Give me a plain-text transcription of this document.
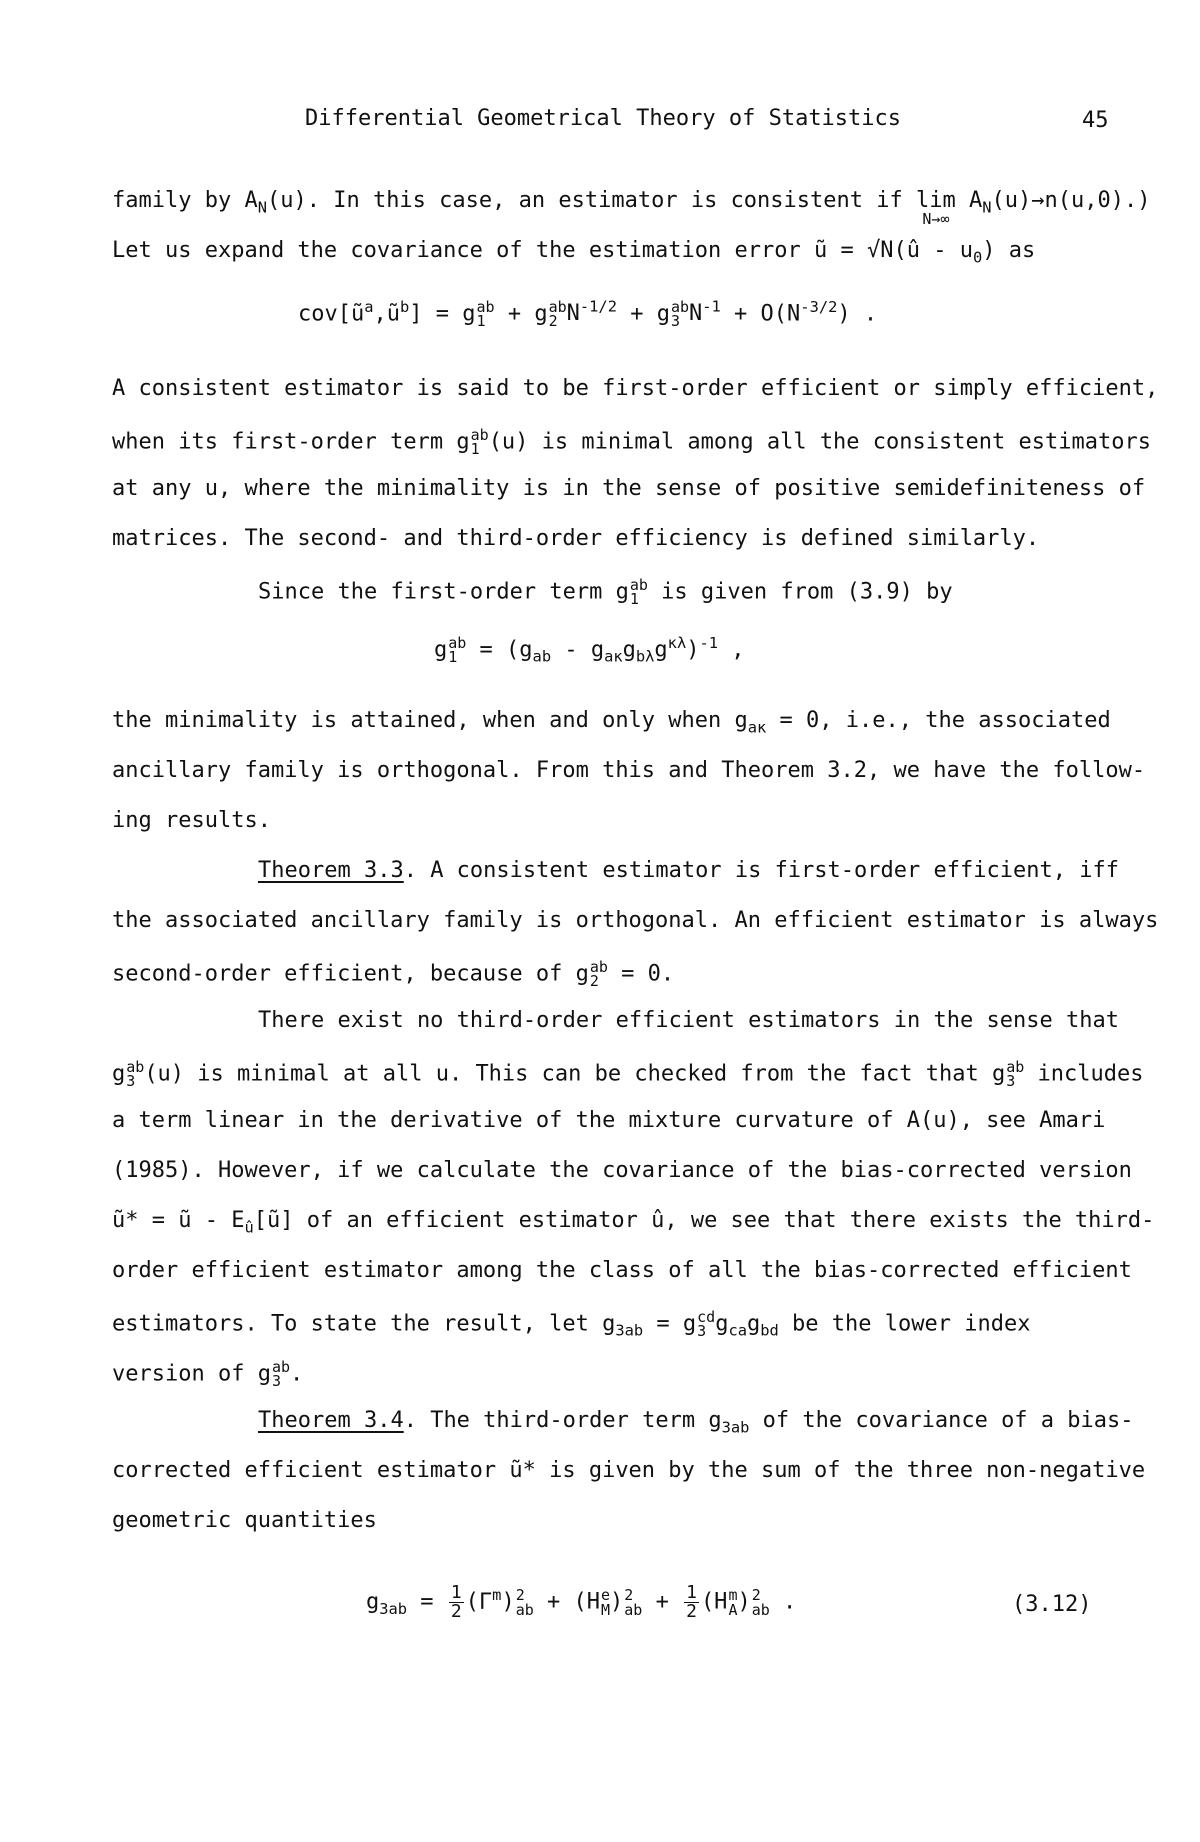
Differential Geometrical Theory of Statistics	45
family by $A_N(u)$. In this case, an estimator is consistent if lim
N→∞
$A_N(u)\to n(u,0)$.)
Let us expand the covariance of the estimation error ũ = √N(û - $u_0$) as
$cov[ũ^a,ũ^b] = g$ ab
1 + g ab
2 $N^{-1/2} + g$ ab
3 $N^{-1} + O(N^{-3/2})$ .
A consistent estimator is said to be first-order efficient or simply efficient,
when its first-order term g ab
1 (u) is minimal among all the consistent estimators
at any u, where the minimality is in the sense of positive semidefiniteness of
matrices. The second- and third-order efficiency is defined similarly.
Since the first-order term g ab
1 is given from (3.9) by
g ab
$1 = (g_{ab} - g_{a\kappa}g_{b\lambda}g^{\kappa\lambda})^{-1}$ ,
the minimality is attained, when and only when $g_{a\kappa} = 0$, i.e., the associated
ancillary family is orthogonal. From this and Theorem 3.2, we have the follow-
ing results.
Theorem 3.3. A consistent estimator is first-order efficient, iff
the associated ancillary family is orthogonal. An efficient estimator is always
second-order efficient, because of g ab
2 = 0.
There exist no third-order efficient estimators in the sense that
g ab
3 (u) is minimal at all u. This can be checked from the fact that g ab
3 includes
a term linear in the derivative of the mixture curvature of A(u), see Amari
(1985). However, if we calculate the covariance of the bias-corrected version
ũ* = ũ - $E_û[ũ]$ of an efficient estimator û, we see that there exists the third-
order efficient estimator among the class of all the bias-corrected efficient
estimators. To state the result, let $g_{3ab} = g$ cd
3 $g_{ca}g_{bd}$ be the lower index
version of g ab
3 .
Theorem 3.4. The third-order term $g_{3ab}$ of the covariance of a bias-
corrected efficient estimator ũ* is given by the sum of the three non-negative
geometric quantities
$g_{3ab} = \frac{1}{2} (\Gamma^m)$ 2
ab + (H e
M ) 2
ab + $\frac{1}{2} (H$ m
A ) 2
ab .	(3.12)
